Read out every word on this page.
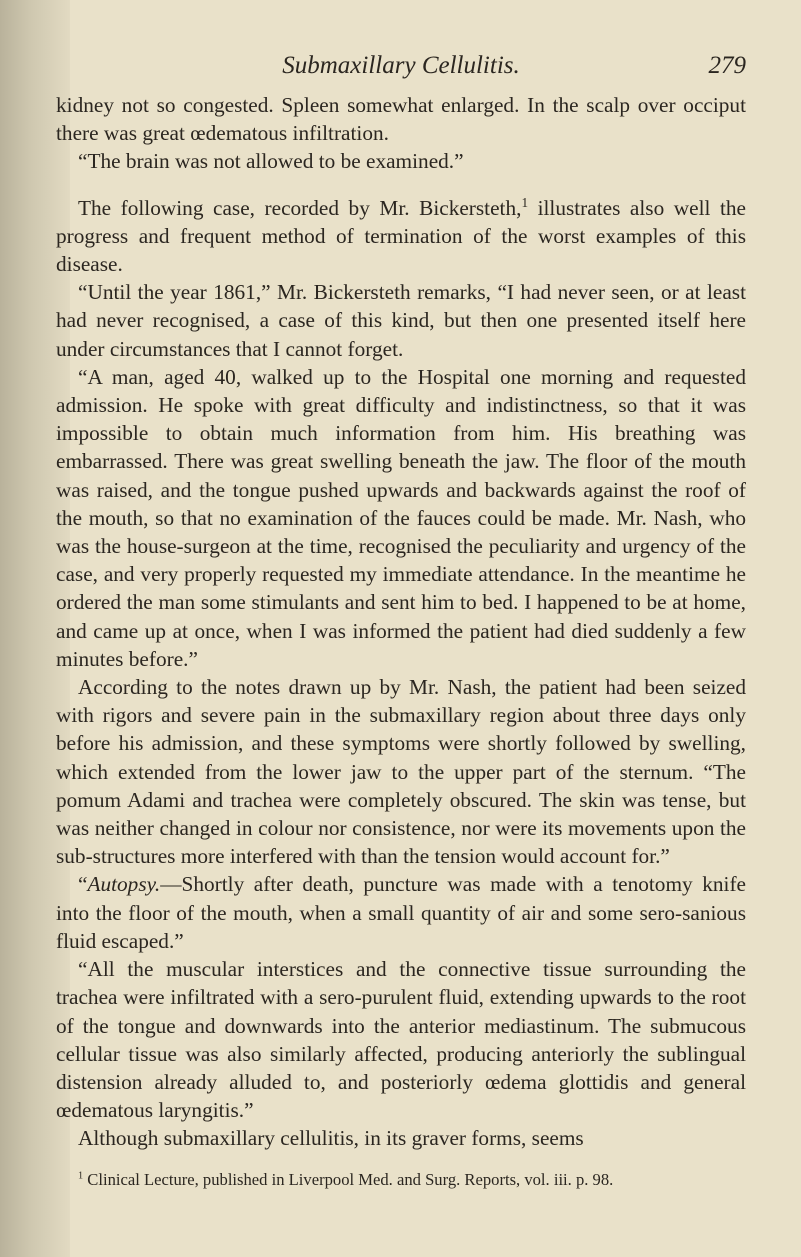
Submaxillary Cellulitis.	279

kidney not so congested. Spleen somewhat enlarged. In the scalp over occiput there was great œdematous infiltration.

“The brain was not allowed to be examined.”

The following case, recorded by Mr. Bickersteth,$^1$ illustrates also well the progress and frequent method of termination of the worst examples of this disease.

“Until the year 1861,” Mr. Bickersteth remarks, “I had never seen, or at least had never recognised, a case of this kind, but then one presented itself here under circumstances that I cannot forget.

“A man, aged 40, walked up to the Hospital one morning and requested admission. He spoke with great difficulty and indistinctness, so that it was impossible to obtain much information from him. His breathing was embarrassed. There was great swelling beneath the jaw. The floor of the mouth was raised, and the tongue pushed upwards and backwards against the roof of the mouth, so that no examination of the fauces could be made. Mr. Nash, who was the house-surgeon at the time, recognised the peculiarity and urgency of the case, and very properly requested my immediate attendance. In the meantime he ordered the man some stimulants and sent him to bed. I happened to be at home, and came up at once, when I was informed the patient had died suddenly a few minutes before.”

According to the notes drawn up by Mr. Nash, the patient had been seized with rigors and severe pain in the submaxillary region about three days only before his admission, and these symptoms were shortly followed by swelling, which extended from the lower jaw to the upper part of the sternum. “The pomum Adami and trachea were completely obscured. The skin was tense, but was neither changed in colour nor consistence, nor were its movements upon the sub-structures more interfered with than the tension would account for.”

“Autopsy.—Shortly after death, puncture was made with a tenotomy knife into the floor of the mouth, when a small quantity of air and some sero-sanious fluid escaped.”

“All the muscular interstices and the connective tissue surrounding the trachea were infiltrated with a sero-purulent fluid, extending upwards to the root of the tongue and downwards into the anterior mediastinum. The submucous cellular tissue was also similarly affected, producing anteriorly the sublingual distension already alluded to, and posteriorly œdema glottidis and general œdematous laryngitis.”

Although submaxillary cellulitis, in its graver forms, seems

$^1$ Clinical Lecture, published in Liverpool Med. and Surg. Reports, vol. iii. p. 98.
